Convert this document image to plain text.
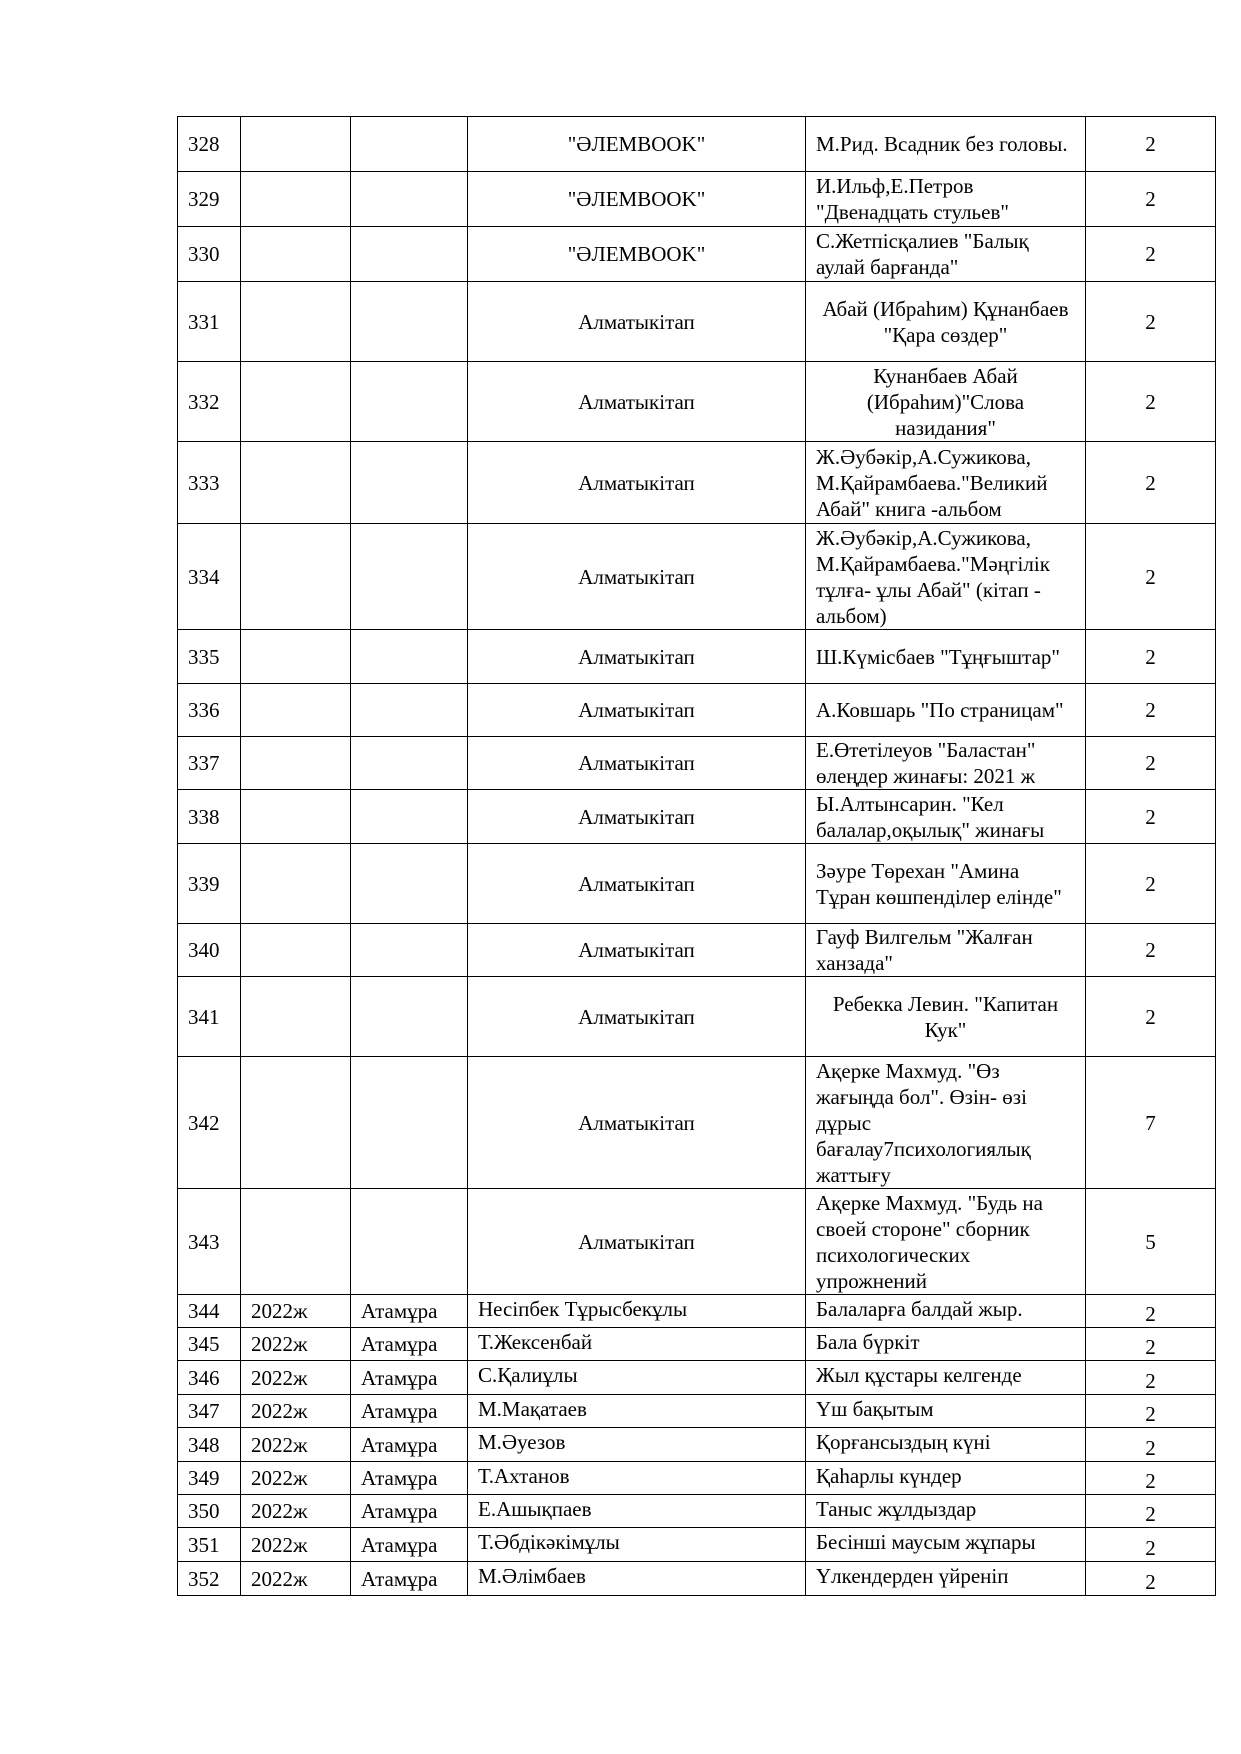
328			"ӘЛЕМBOOK"	М.Рид. Всадник без головы.	2
329			"ӘЛЕМBOOK"	И.Ильф,Е.Петров "Двенадцать стульев"	2
330			"ӘЛЕМBOOK"	С.Жетпісқалиев "Балық аулай барғанда"	2
331			Алматыкітап	Абай (Ибраһим) Құнанбаев "Қара сөздер"	2
332			Алматыкітап	Кунанбаев Абай (Ибраһим)"Слова назидания"	2
333			Алматыкітап	Ж.Әубәкір,А.Сужикова, М.Қайрамбаева."Великий Абай" книга -альбом	2
334			Алматыкітап	Ж.Әубәкір,А.Сужикова, М.Қайрамбаева."Мәңгілік тұлға- ұлы Абай" (кітап - альбом)	2
335			Алматыкітап	Ш.Күмісбаев "Тұңғыштар"	2
336			Алматыкітап	А.Ковшарь "По страницам"	2
337			Алматыкітап	Е.Өтетілеуов "Баластан" өлеңдер жинағы: 2021 ж	2
338			Алматыкітап	Ы.Алтынсарин. "Кел балалар,оқылық" жинағы	2
339			Алматыкітап	Зәуре Төрехан "Амина Тұран көшпенділер елінде"	2
340			Алматыкітап	Гауф Вилгельм "Жалған ханзада"	2
341			Алматыкітап	Ребекка Левин. "Капитан Кук"	2
342			Алматыкітап	Ақерке Махмуд. "Өз жағыңда бол". Өзін- өзі дұрыс бағалау7психологиялық жаттығу	7
343			Алматыкітап	Ақерке Махмуд. "Будь на своей стороне" сборник психологических упрожнений	5
344	2022ж	Атамұра	Несіпбек Тұрысбекұлы	Балаларға балдай жыр.	2
345	2022ж	Атамұра	Т.Жексенбай	Бала бүркіт	2
346	2022ж	Атамұра	С.Қалиұлы	Жыл құстары келгенде	2
347	2022ж	Атамұра	М.Мақатаев	Үш бақытым	2
348	2022ж	Атамұра	М.Әуезов	Қорғансыздың күні	2
349	2022ж	Атамұра	Т.Ахтанов	Қаһарлы күндер	2
350	2022ж	Атамұра	Е.Ашықпаев	Таныс жұлдыздар	2
351	2022ж	Атамұра	Т.Әбдікәкімұлы	Бесінші маусым жұпары	2
352	2022ж	Атамұра	М.Әлімбаев	Үлкендерден үйреніп	2
